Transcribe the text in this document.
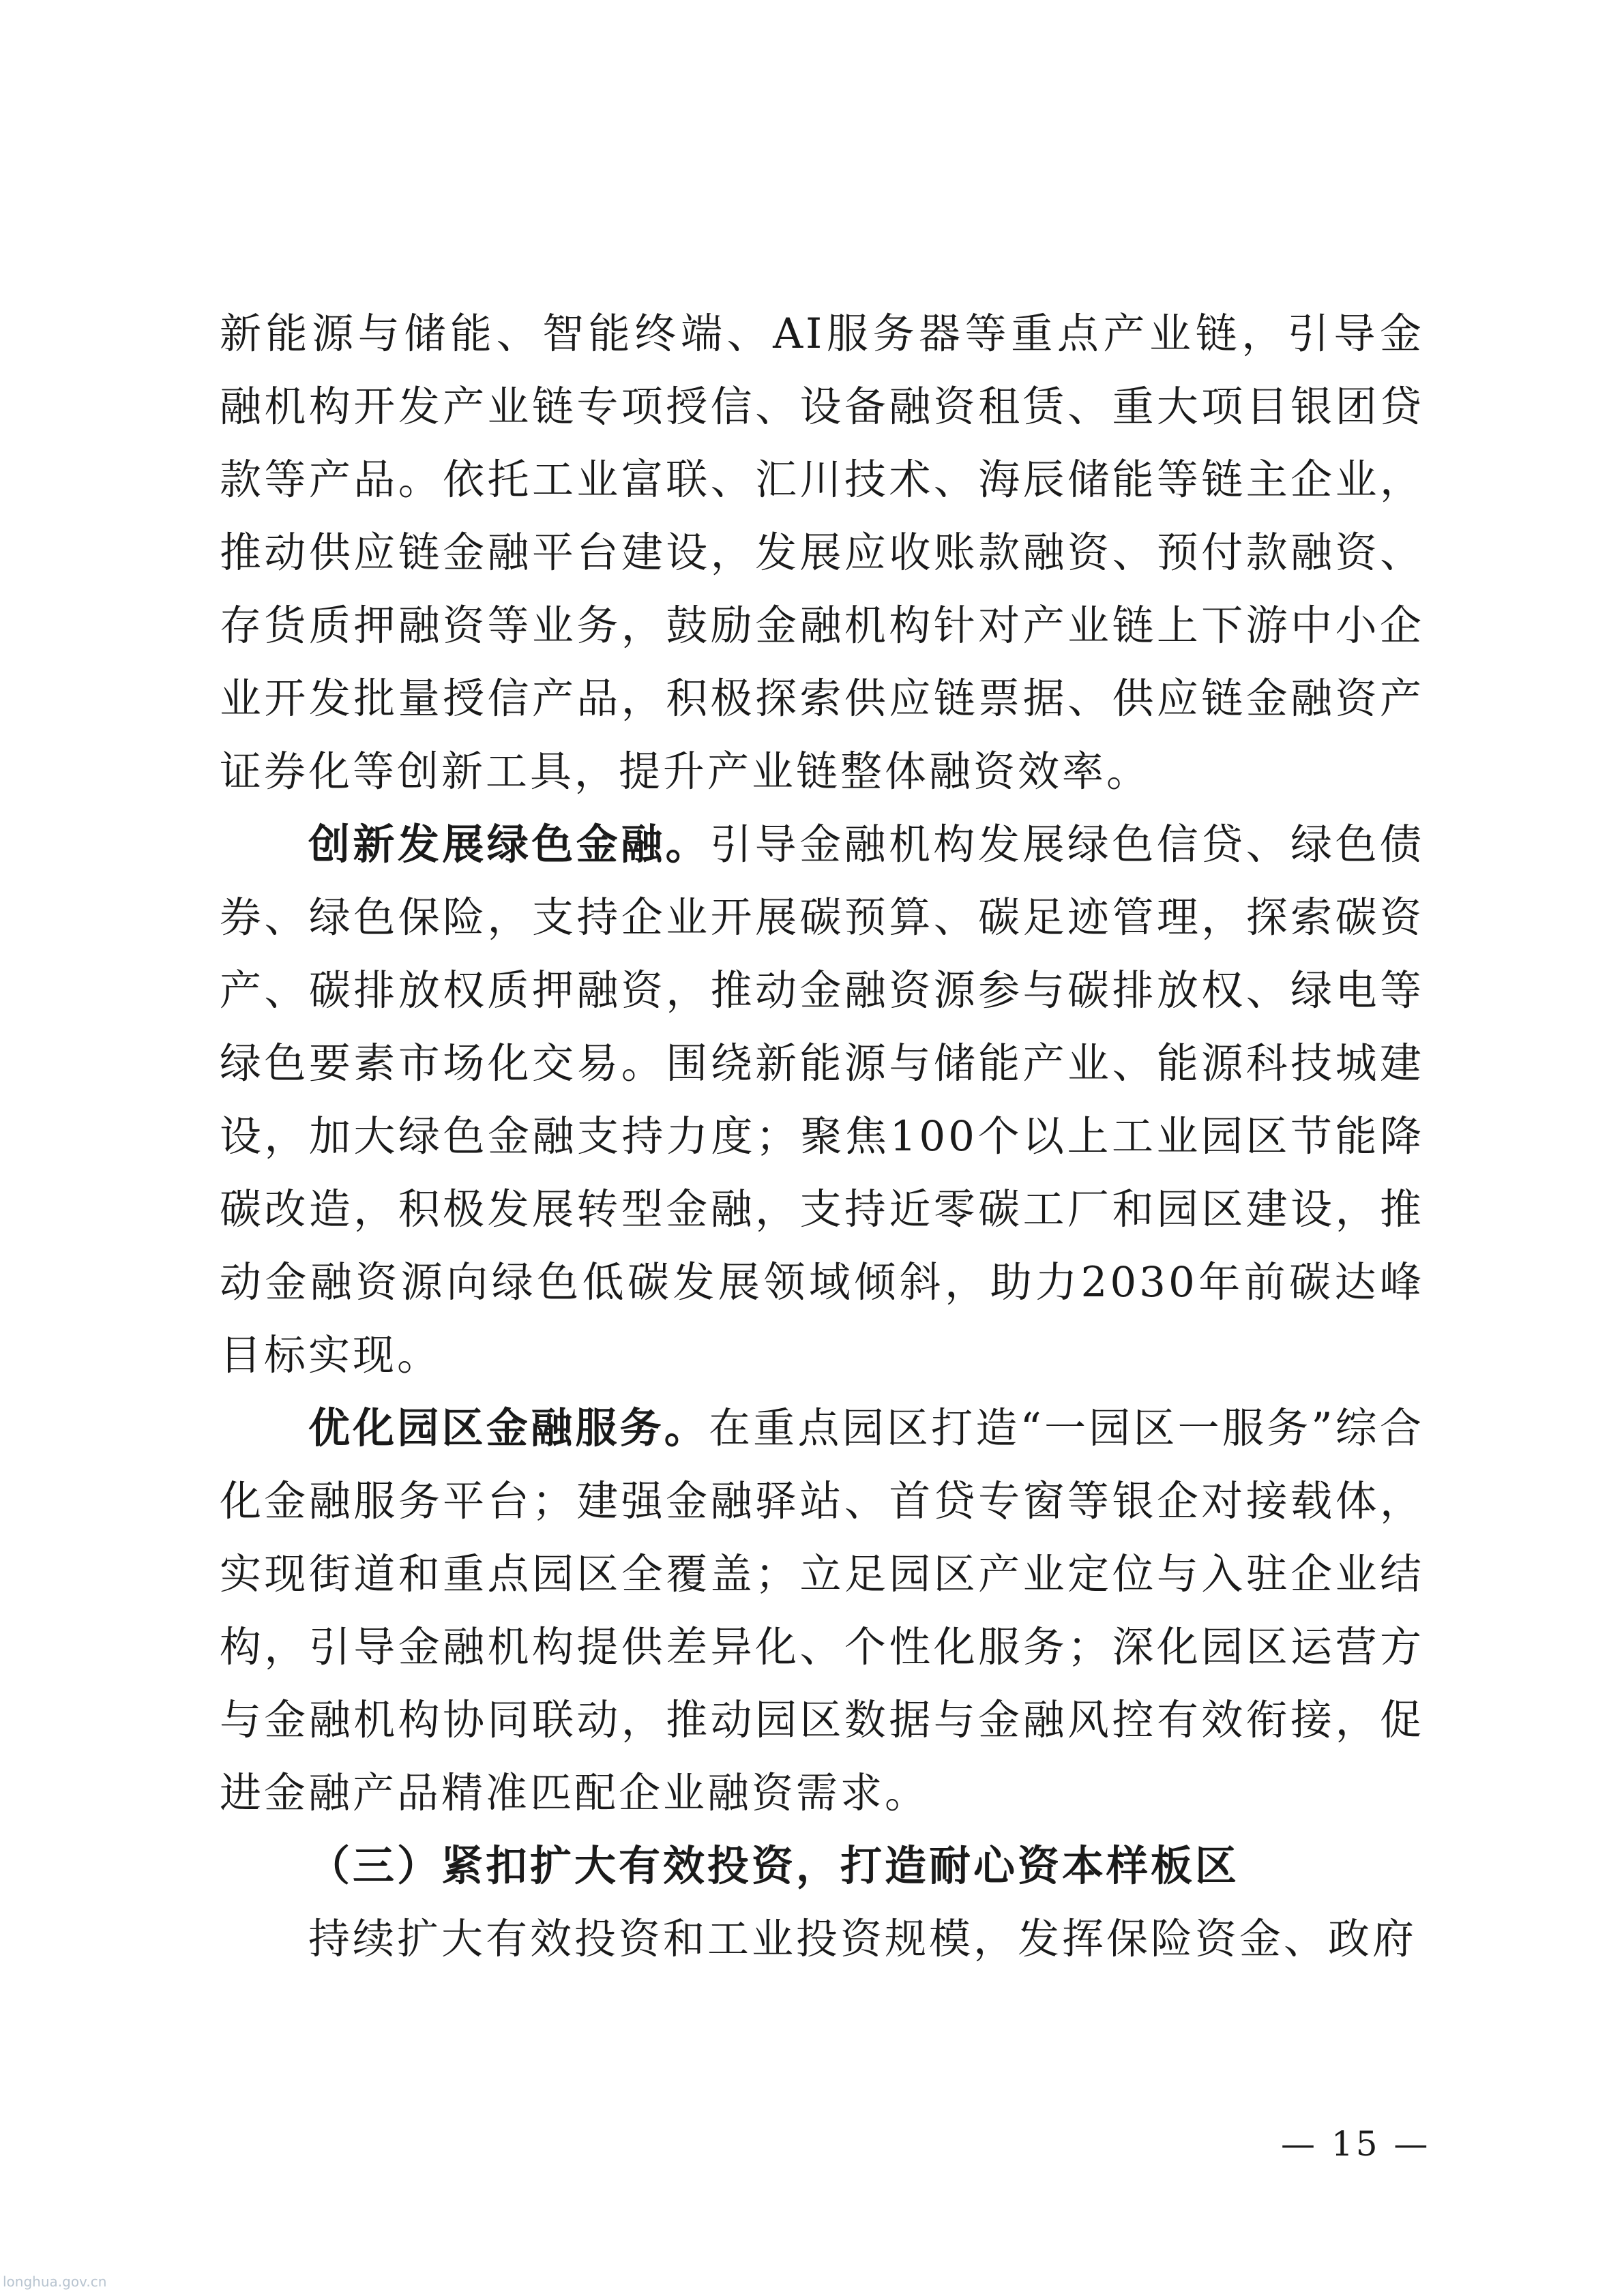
新能源与储能、智能终端、AI服务器等重点产业链，引导金融机构开发产业链专项授信、设备融资租赁、重大项目银团贷款等产品。依托工业富联、汇川技术、海辰储能等链主企业，推动供应链金融平台建设，发展应收账款融资、预付款融资、存货质押融资等业务，鼓励金融机构针对产业链上下游中小企业开发批量授信产品，积极探索供应链票据、供应链金融资产证券化等创新工具，提升产业链整体融资效率。

创新发展绿色金融。引导金融机构发展绿色信贷、绿色债券、绿色保险，支持企业开展碳预算、碳足迹管理，探索碳资产、碳排放权质押融资，推动金融资源参与碳排放权、绿电等绿色要素市场化交易。围绕新能源与储能产业、能源科技城建设，加大绿色金融支持力度；聚焦100个以上工业园区节能降碳改造，积极发展转型金融，支持近零碳工厂和园区建设，推动金融资源向绿色低碳发展领域倾斜，助力2030年前碳达峰目标实现。

优化园区金融服务。在重点园区打造“一园区一服务”综合化金融服务平台；建强金融驿站、首贷专窗等银企对接载体，实现街道和重点园区全覆盖；立足园区产业定位与入驻企业结构，引导金融机构提供差异化、个性化服务；深化园区运营方与金融机构协同联动，推动园区数据与金融风控有效衔接，促进金融产品精准匹配企业融资需求。

（三）紧扣扩大有效投资，打造耐心资本样板区

持续扩大有效投资和工业投资规模，发挥保险资金、政府

— 15 —
longhua.gov.cn
